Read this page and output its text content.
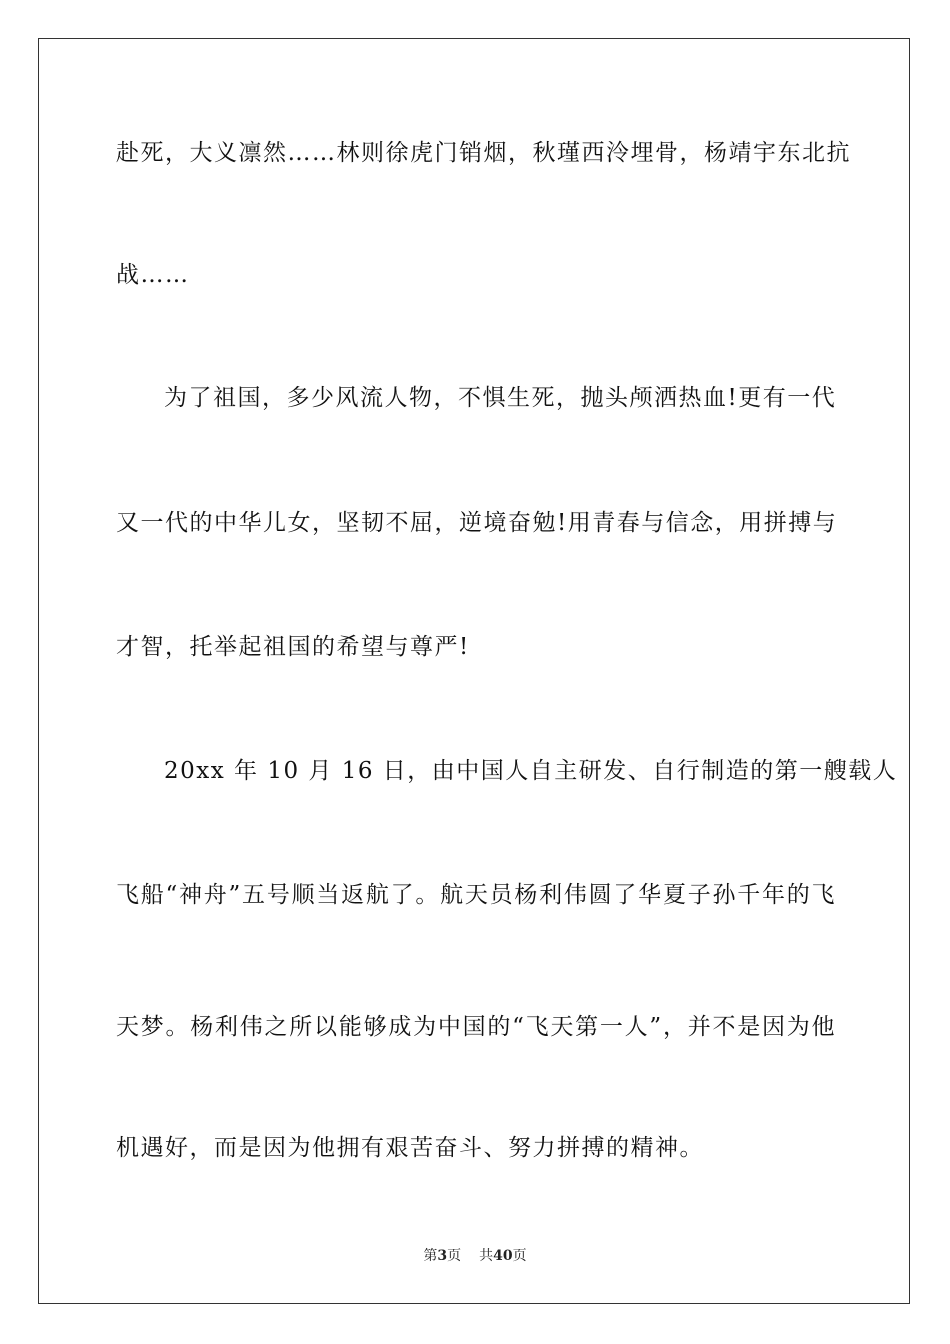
赴死，大义凛然……林则徐虎门销烟，秋瑾西泠埋骨，杨靖宇东北抗
战……
为了祖国，多少风流人物，不惧生死，抛头颅洒热血!更有一代
又一代的中华儿女，坚韧不屈，逆境奋勉!用青春与信念，用拼搏与
才智，托举起祖国的希望与尊严!
20xx 年 10 月 16 日，由中国人自主研发、自行制造的第一艘载人
飞船“神舟”五号顺当返航了。航天员杨利伟圆了华夏子孙千年的飞
天梦。杨利伟之所以能够成为中国的“飞天第一人”，并不是因为他
机遇好，而是因为他拥有艰苦奋斗、努力拼搏的精神。
第3页 共40页
